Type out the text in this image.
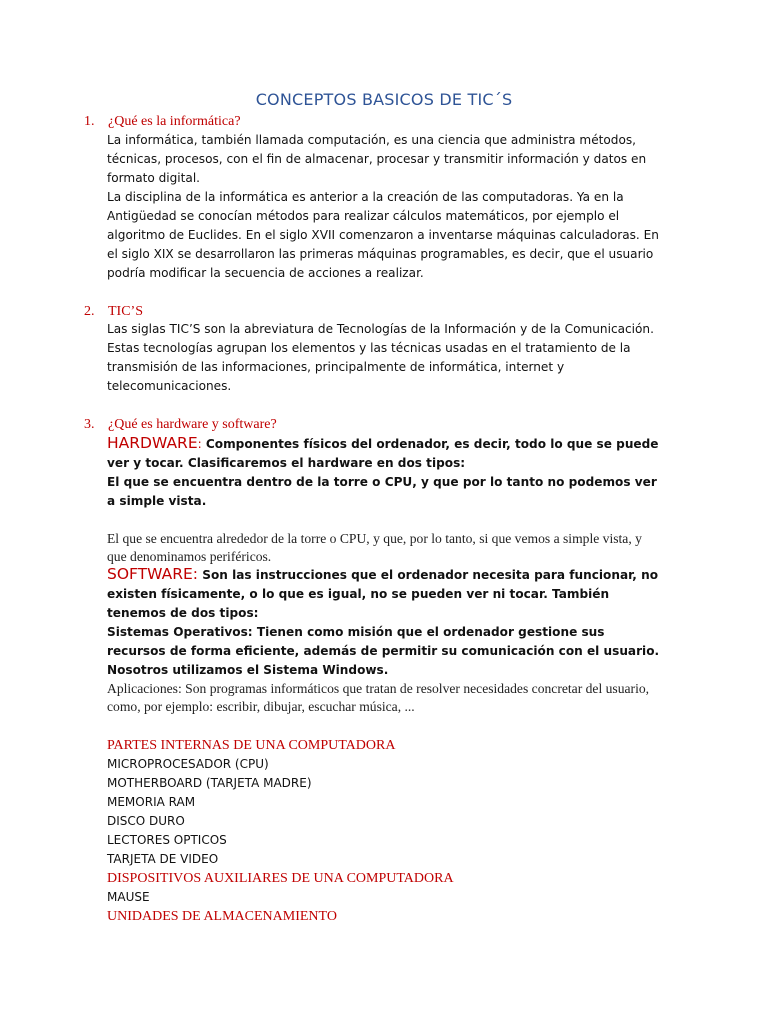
CONCEPTOS BASICOS DE TIC´S
1. ¿Qué es la informática?

La informática, también llamada computación, es una ciencia que administra métodos, técnicas, procesos, con el fin de almacenar, procesar y transmitir información y datos en formato digital.

La disciplina de la informática es anterior a la creación de las computadoras. Ya en la Antigüedad se conocían métodos para realizar cálculos matemáticos, por ejemplo el algoritmo de Euclides. En el siglo XVII comenzaron a inventarse máquinas calculadoras. En el siglo XIX se desarrollaron las primeras máquinas programables, es decir, que el usuario podría modificar la secuencia de acciones a realizar.

2. TIC’S

Las siglas TIC’S son la abreviatura de Tecnologías de la Información y de la Comunicación. Estas tecnologías agrupan los elementos y las técnicas usadas en el tratamiento de la transmisión de las informaciones, principalmente de informática, internet y telecomunicaciones.

3. ¿Qué es hardware y software?

HARDWARE: Componentes físicos del ordenador, es decir, todo lo que se puede ver y tocar. Clasificaremos el hardware en dos tipos:

El que se encuentra dentro de la torre o CPU, y que por lo tanto no podemos ver a simple vista.

El que se encuentra alrededor de la torre o CPU, y que, por lo tanto, si que vemos a simple vista, y que denominamos periféricos.

SOFTWARE: Son las instrucciones que el ordenador necesita para funcionar, no existen físicamente, o lo que es igual, no se pueden ver ni tocar. También tenemos de dos tipos:

Sistemas Operativos: Tienen como misión que el ordenador gestione sus recursos de forma eficiente, además de permitir su comunicación con el usuario. Nosotros utilizamos el Sistema Windows.

Aplicaciones: Son programas informáticos que tratan de resolver necesidades concretar del usuario, como, por ejemplo: escribir, dibujar, escuchar música, ...

PARTES INTERNAS DE UNA COMPUTADORA
MICROPROCESADOR (CPU)
MOTHERBOARD (TARJETA MADRE)
MEMORIA RAM
DISCO DURO
LECTORES OPTICOS
TARJETA DE VIDEO
DISPOSITIVOS AUXILIARES DE UNA COMPUTADORA
MAUSE
UNIDADES DE ALMACENAMIENTO
